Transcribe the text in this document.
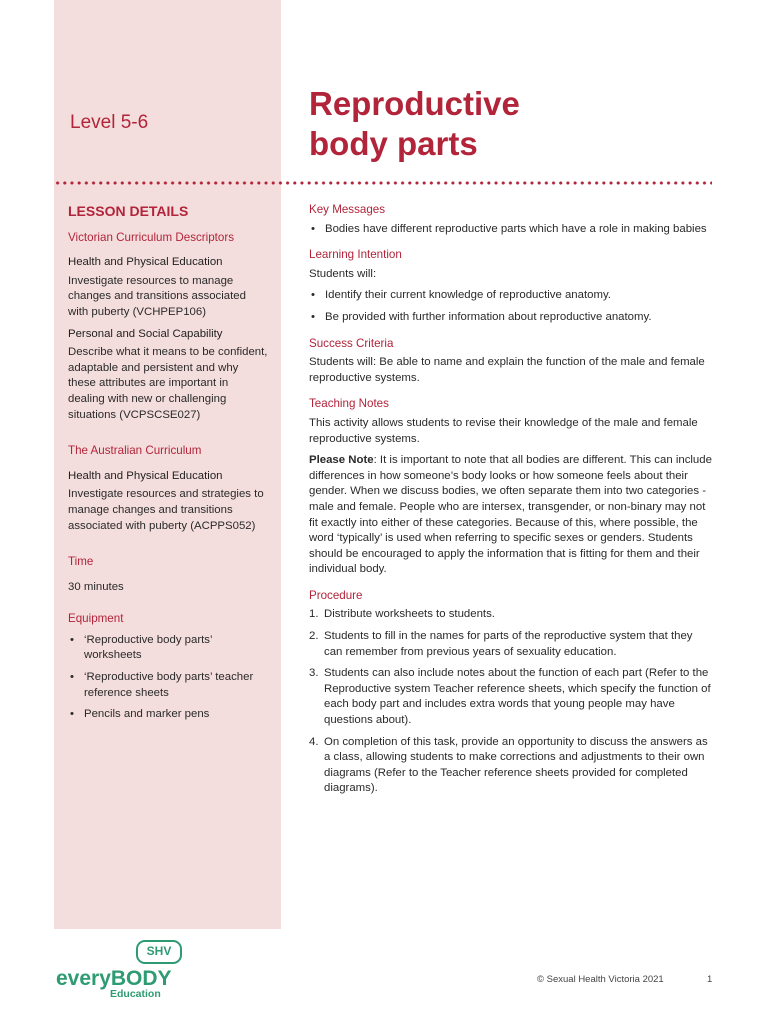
Level 5-6
Reproductive
body parts
LESSON DETAILS
Victorian Curriculum Descriptors
Health and Physical Education

Investigate resources to manage changes and transitions associated with puberty (VCHPEP106)

Personal and Social Capability

Describe what it means to be confident, adaptable and persistent and why these attributes are important in dealing with new or challenging situations (VCPSCSE027)

The Australian Curriculum
Health and Physical Education

Investigate resources and strategies to manage changes and transitions associated with puberty (ACPPS052)

Time

30 minutes

Equipment
• ‘Reproductive body parts’ worksheets
• ‘Reproductive body parts’ teacher reference sheets
• Pencils and marker pens
Key Messages
• Bodies have different reproductive parts which have a role in making babies
Learning Intention

Students will:

• Identify their current knowledge of reproductive anatomy.
• Be provided with further information about reproductive anatomy.
Success Criteria

Students will: Be able to name and explain the function of the male and female reproductive systems.

Teaching Notes

This activity allows students to revise their knowledge of the male and female reproductive systems.

Please Note: It is important to note that all bodies are different. This can include differences in how someone’s body looks or how someone feels about their gender. When we discuss bodies, we often separate them into two categories - male and female. People who are intersex, transgender, or non-binary may not fit exactly into either of these categories. Because of this, where possible, the word ‘typically’ is used when referring to specific sexes or genders. Students should be encouraged to apply the information that is fitting for them and their individual body.

Procedure
1. Distribute worksheets to students.
2. Students to fill in the names for parts of the reproductive system that they can remember from previous years of sexuality education.
3. Students can also include notes about the function of each part (Refer to the Reproductive system Teacher reference sheets, which specify the function of each body part and includes extra words that young people may have questions about).
4. On completion of this task, provide an opportunity to discuss the answers as a class, allowing students to make corrections and adjustments to their own diagrams (Refer to the Teacher reference sheets provided for completed diagrams).
SHV
everyBODY
Education
© Sexual Health Victoria 2021	1
